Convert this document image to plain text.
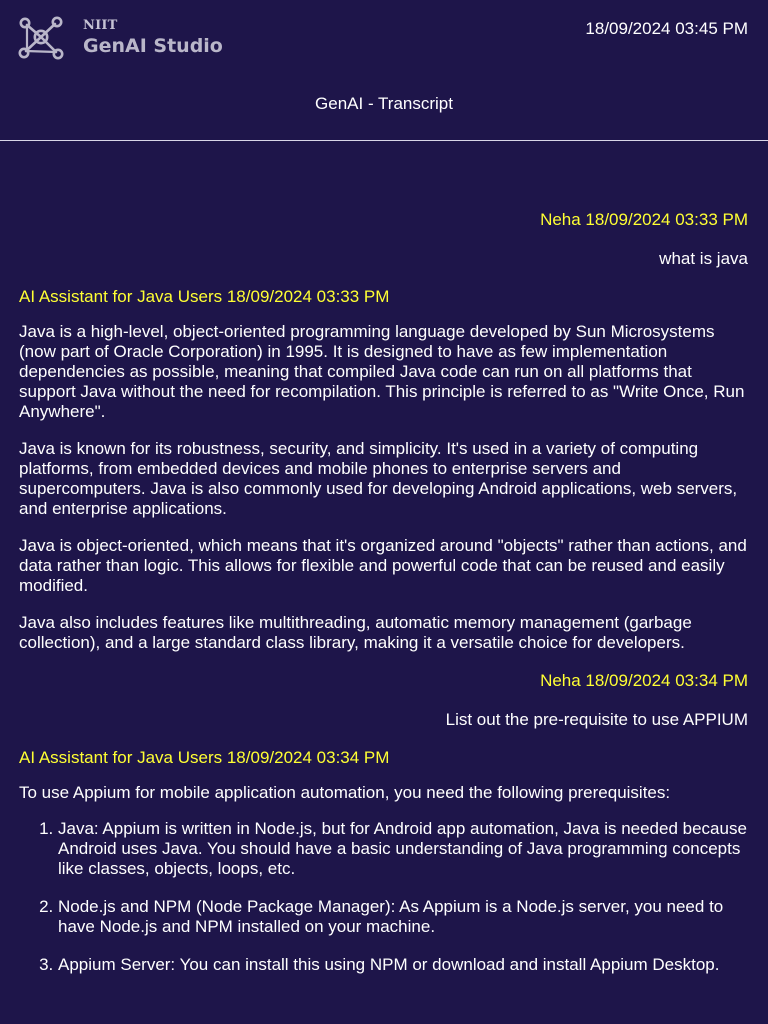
NIIT
GenAI Studio
18/09/2024 03:45 PM
GenAI - Transcript
Neha 18/09/2024 03:33 PM
what is java
AI Assistant for Java Users 18/09/2024 03:33 PM

Java is a high-level, object-oriented programming language developed by Sun Microsystems (now part of Oracle Corporation) in 1995. It is designed to have as few implementation dependencies as possible, meaning that compiled Java code can run on all platforms that support Java without the need for recompilation. This principle is referred to as "Write Once, Run Anywhere".

Java is known for its robustness, security, and simplicity. It's used in a variety of computing platforms, from embedded devices and mobile phones to enterprise servers and supercomputers. Java is also commonly used for developing Android applications, web servers, and enterprise applications.

Java is object-oriented, which means that it's organized around "objects" rather than actions, and data rather than logic. This allows for flexible and powerful code that can be reused and easily modified.

Java also includes features like multithreading, automatic memory management (garbage collection), and a large standard class library, making it a versatile choice for developers.

Neha 18/09/2024 03:34 PM
List out the pre-requisite to use APPIUM
AI Assistant for Java Users 18/09/2024 03:34 PM

To use Appium for mobile application automation, you need the following prerequisites:

1. Java: Appium is written in Node.js, but for Android app automation, Java is needed because Android uses Java. You should have a basic understanding of Java programming concepts like classes, objects, loops, etc.
2. Node.js and NPM (Node Package Manager): As Appium is a Node.js server, you need to have Node.js and NPM installed on your machine.
3. Appium Server: You can install this using NPM or download and install Appium Desktop.
